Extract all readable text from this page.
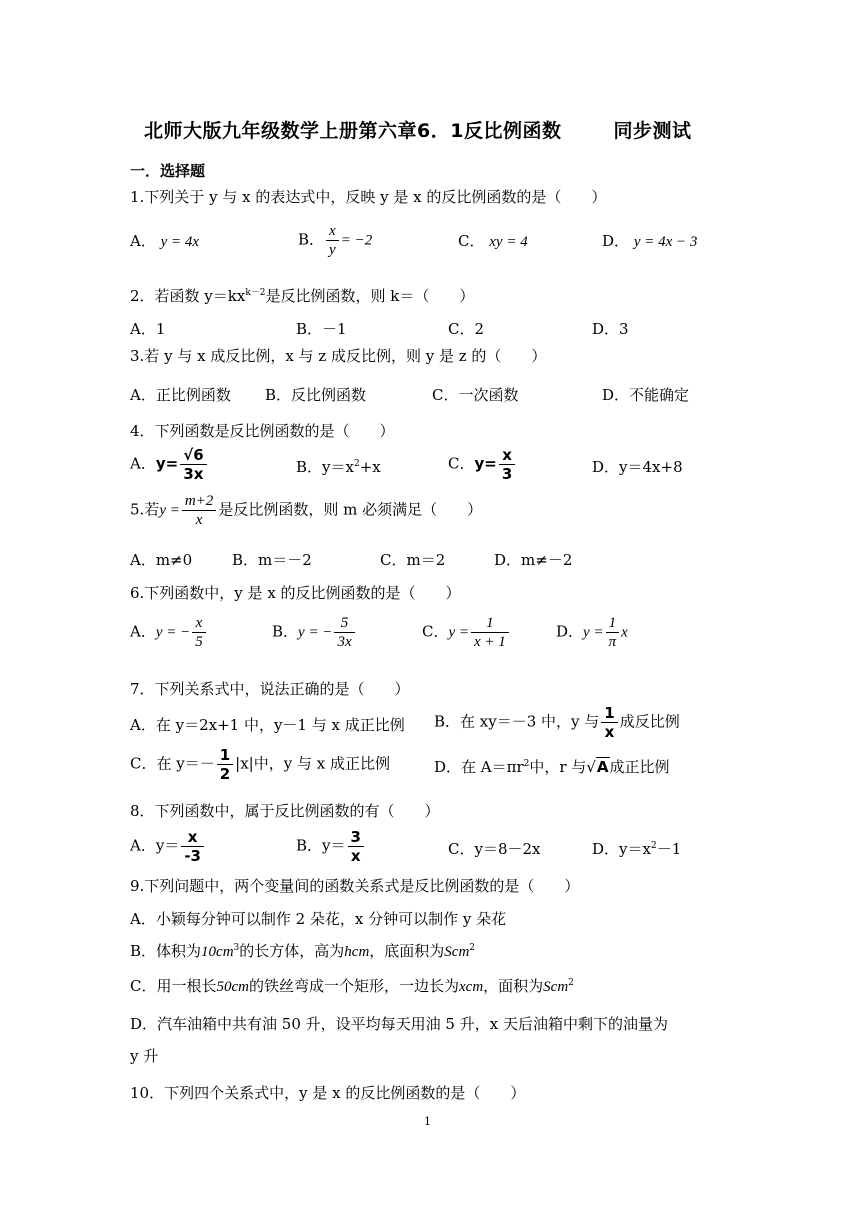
北师大版九年级数学上册第六章6．1反比例函数	同步测试
一．选择题
1.下列关于 y 与 x 的表达式中，反映 y 是 x 的反比例函数的是（　　）
A． y = 4x	B． $\frac{x}{y} = -2$	C． xy = 4	D． y = 4x − 3
2．若函数 $y=kx^{k-2}$是反比例函数，则 k＝（　　）
A．1	B．－1	C．2	D．3
3.若 y 与 x 成反比例，x 与 z 成反比例，则 y 是 z 的（　　）
A．正比例函数 B．反比例函数	C．一次函数	D．不能确定
4．下列函数是反比例函数的是（　　）
A．$y= \frac{√6}{3x}$	B．$y=x^2+x$	C．$y= \frac{x}{3}$	D．y＝4x+8
5.若$y = \frac{m+2}{x}$ 是反比例函数，则 m 必须满足（　　）
A．m≠0	B．m＝－2	C．m＝2	D．m≠－2
6.下列函数中，y 是 x 的反比例函数的是（　　）
A．y = − $\frac{x}{5}$	B．y = − $\frac{5}{3x}$	C．$y = \frac{1}{x + 1}$	D．$y = \frac{1}{\pi}$ x
7．下列关系式中，说法正确的是（　　）
A．在 y＝2x+1 中，y－1 与 x 成正比例 B．在 xy＝－3 中，y 与 $\frac{1}{x}$ 成反比例
C．在 $y=- \frac{1}{2} |x|$中，y 与 x 成正比例	D．在 $A=\pi r^2$中，r 与√A成正比例
8．下列函数中，属于反比例函数的有（　　）
A．$y= \frac{x}{-3}$	B．$y= \frac{3}{x}$	C．y＝8－2x	D．$y=x^2-1$
9.下列问题中，两个变量间的函数关系式是反比例函数的是（　　）
A．小颖每分钟可以制作 2 朵花，x 分钟可以制作 y 朵花
B．体积为$10cm^3$的长方体，高为hcm，底面积为Scm$^2$
C．用一根长50cm的铁丝弯成一个矩形，一边长为xcm，面积为Scm$^2$
D．汽车油箱中共有油 50 升，设平均每天用油 5 升，x 天后油箱中剩下的油量为
y 升
10．下列四个关系式中，y 是 x 的反比例函数的是（　　）
1
